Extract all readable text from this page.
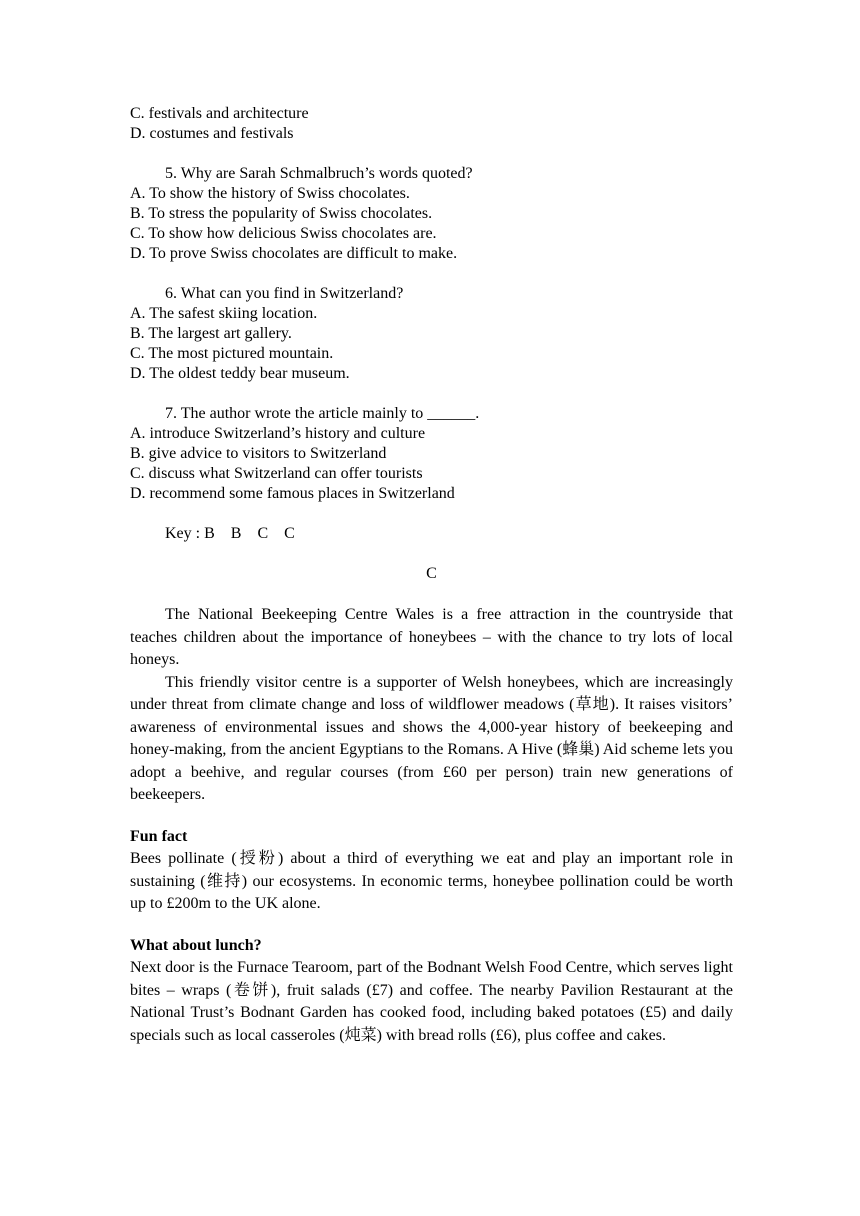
C. festivals and architecture

D. costumes and festivals

5. Why are Sarah Schmalbruch’s words quoted?

A. To show the history of Swiss chocolates.

B. To stress the popularity of Swiss chocolates.

C. To show how delicious Swiss chocolates are.

D. To prove Swiss chocolates are difficult to make.

6. What can you find in Switzerland?

A. The safest skiing location.

B. The largest art gallery.

C. The most pictured mountain.

D. The oldest teddy bear museum.

7. The author wrote the article mainly to ______.

A. introduce Switzerland’s history and culture

B. give advice to visitors to Switzerland

C. discuss what Switzerland can offer tourists

D. recommend some famous places in Switzerland

Key : B    B    C    C

C

The National Beekeeping Centre Wales is a free attraction in the countryside that teaches children about the importance of honeybees – with the chance to try lots of local honeys.

This friendly visitor centre is a supporter of Welsh honeybees, which are increasingly under threat from climate change and loss of wildflower meadows (草地). It raises visitors’ awareness of environmental issues and shows the 4,000-year history of beekeeping and honey-making, from the ancient Egyptians to the Romans. A Hive (蜂巢) Aid scheme lets you adopt a beehive, and regular courses (from £60 per person) train new generations of beekeepers.

Fun fact

Bees pollinate (授粉) about a third of everything we eat and play an important role in sustaining (维持) our ecosystems. In economic terms, honeybee pollination could be worth up to £200m to the UK alone.

What about lunch?

Next door is the Furnace Tearoom, part of the Bodnant Welsh Food Centre, which serves light bites – wraps (卷饼), fruit salads (£7) and coffee. The nearby Pavilion Restaurant at the National Trust’s Bodnant Garden has cooked food, including baked potatoes (£5) and daily specials such as local casseroles (炖菜) with bread rolls (£6), plus coffee and cakes.
